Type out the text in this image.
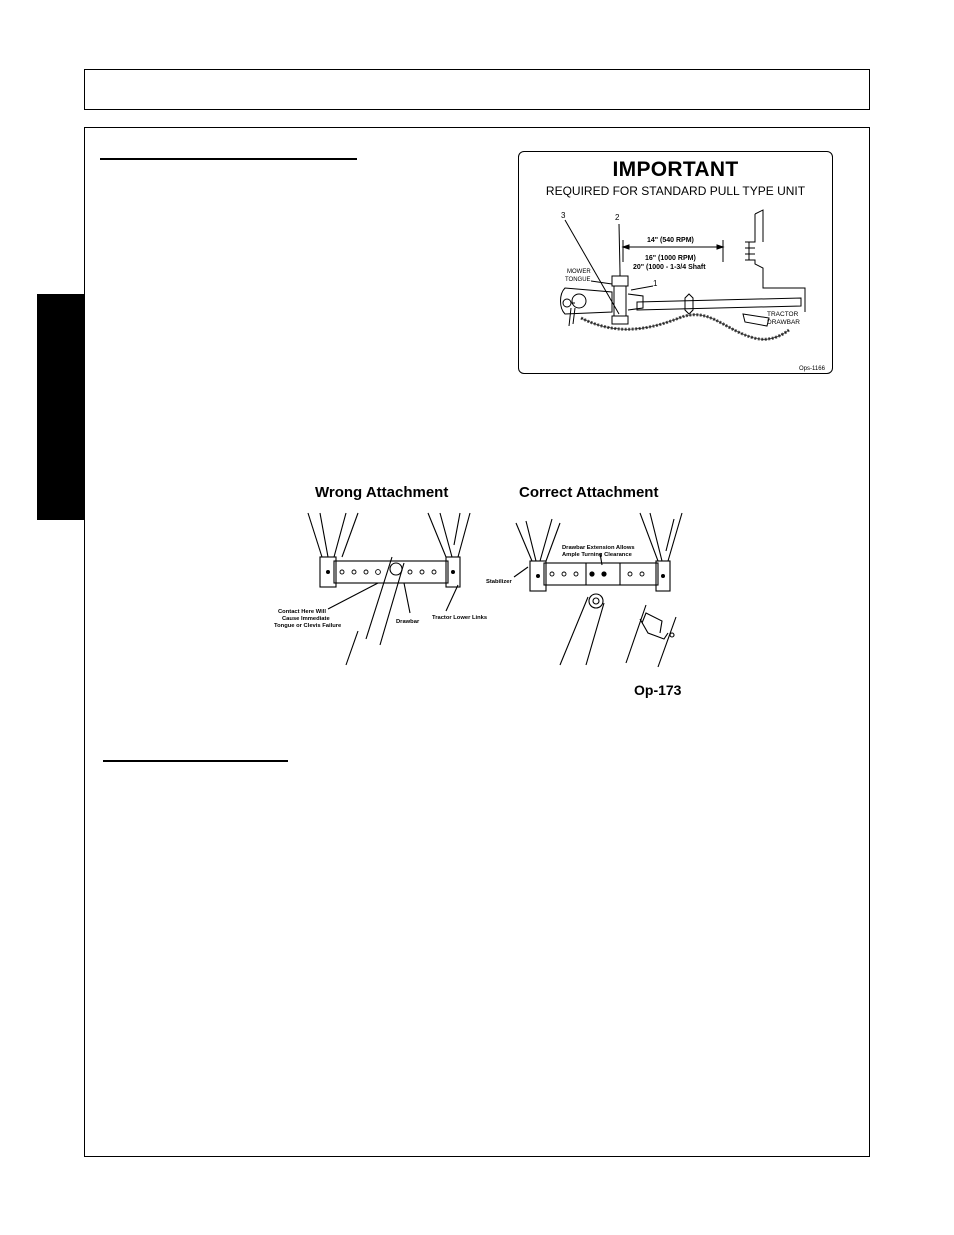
IMPORTANT
REQUIRED FOR STANDARD PULL TYPE UNIT
3	2
1
14" (540 RPM)
16" (1000 RPM)
20" (1000 - 1-3/4 Shaft
MOWER
TONGUE
TRACTOR
DRAWBAR
Ops-1166
Wrong Attachment	Correct Attachment
Contact Here Will
Cause Immediate
Tongue or Clevis Failure
Drawbar
Tractor Lower Links
Stabilizer
Drawbar Extension Allows
Ample Turning Clearance
Op-173
